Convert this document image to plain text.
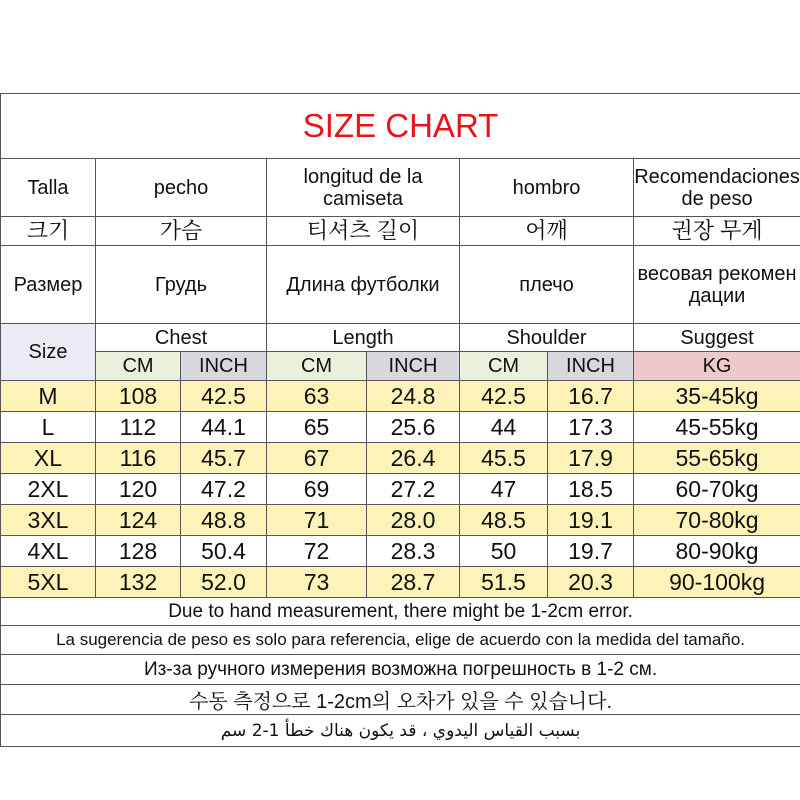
SIZE CHART							
Talla	pecho		longitud de la camiseta		hombro		Recomendaciones de peso
크기	가슴		티셔츠 길이		어깨		권장 무게
Размер	Грудь		Длина футболки		плечо		весовая рекомендации
Size	Chest		Length		Shoulder		Suggest
	CM	INCH	CM	INCH	CM	INCH	KG
M	108	42.5	63	24.8	42.5	16.7	35-45kg
L	112	44.1	65	25.6	44	17.3	45-55kg
XL	116	45.7	67	26.4	45.5	17.9	55-65kg
2XL	120	47.2	69	27.2	47	18.5	60-70kg
3XL	124	48.8	71	28.0	48.5	19.1	70-80kg
4XL	128	50.4	72	28.3	50	19.7	80-90kg
5XL	132	52.0	73	28.7	51.5	20.3	90-100kg
Due to hand measurement, there might be 1-2cm error.							
La sugerencia de peso es solo para referencia, elige de acuerdo con la medida del tamaño.							
Из-за ручного измерения возможна погрешность в 1-2 см.							
수동 측정으로 1-2cm의 오차가 있을 수 있습니다.							
بسبب القياس اليدوي ، قد يكون هناك خطأ 1-2 سم							
